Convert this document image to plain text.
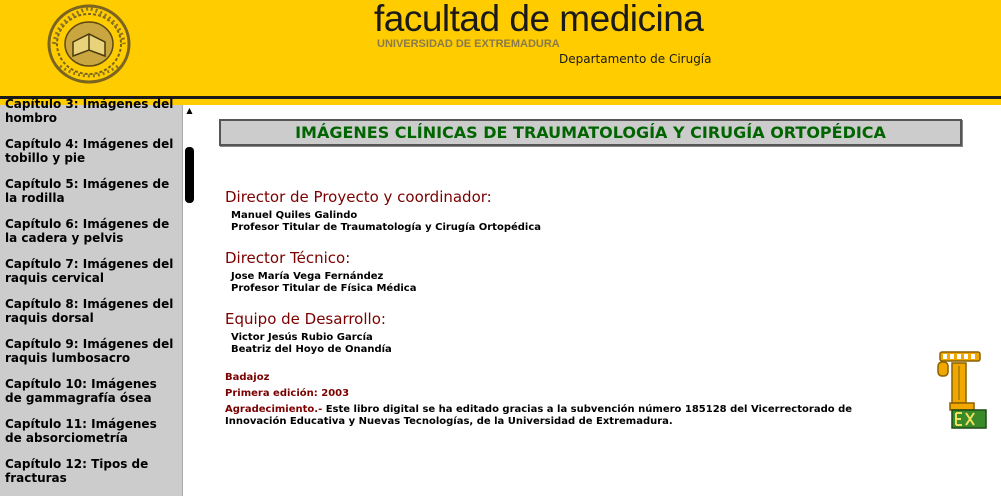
facultad de medicina
UNIVERSIDAD DE EXTREMADURA
Departamento de Cirugía
Capítulo 3: Imágenes del hombro
Capítulo 4: Imágenes del tobillo y pie
Capítulo 5: Imágenes de la rodilla
Capítulo 6: Imágenes de la cadera y pelvis
Capítulo 7: Imágenes del raquis cervical
Capítulo 8: Imágenes del raquis dorsal
Capítulo 9: Imágenes del raquis lumbosacro
Capítulo 10: Imágenes de gammagrafía ósea
Capítulo 11: Imágenes de absorciometría
Capítulo 12: Tipos de fracturas
▲
IMÁGENES CLÍNICAS DE TRAUMATOLOGÍA Y CIRUGÍA ORTOPÉDICA
Director de Proyecto y coordinador:
Manuel Quiles Galindo
Profesor Titular de Traumatología y Cirugía Ortopédica
Director Técnico:
Jose María Vega Fernández
Profesor Titular de Física Médica
Equipo de Desarrollo:
Victor Jesús Rubio García
Beatriz del Hoyo de Onandía
Badajoz
Primera edición: 2003
Agradecimiento.- Este libro digital se ha editado gracias a la subvención número 185128 del Vicerrectorado de Innovación Educativa y Nuevas Tecnologías, de la Universidad de Extremadura.
